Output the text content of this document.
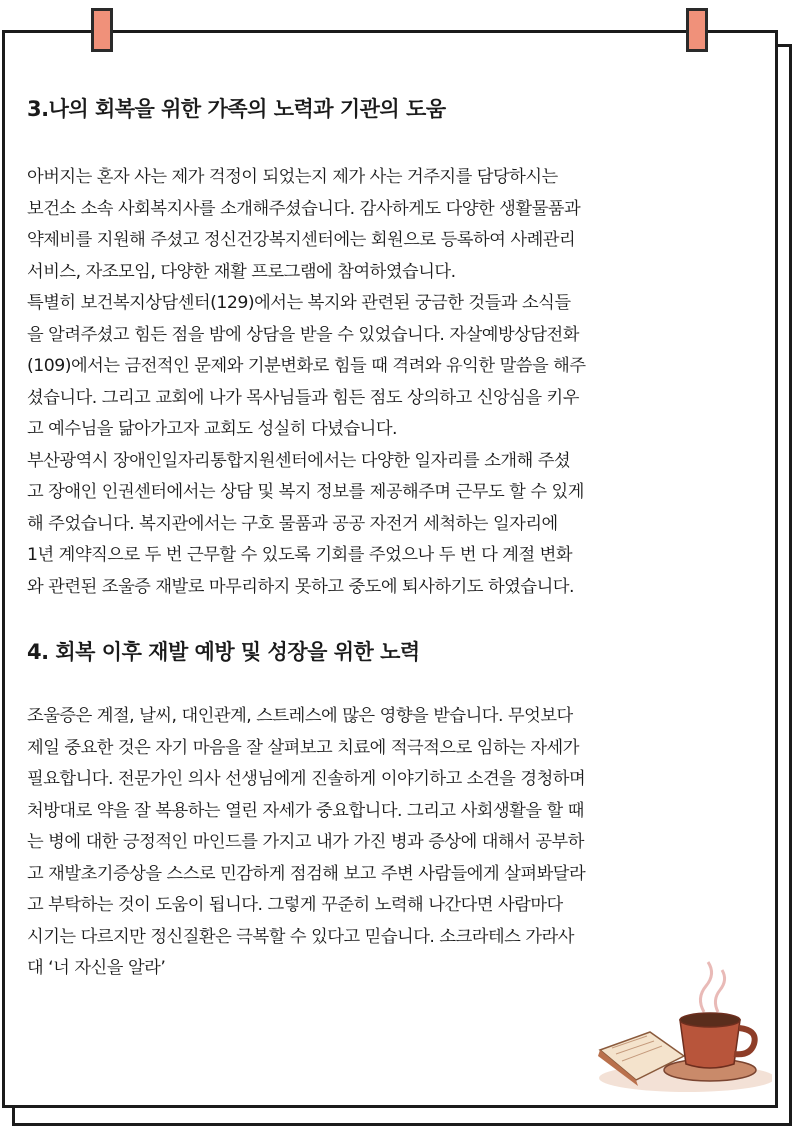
3.나의 회복을 위한 가족의 노력과 기관의 도움

아버지는 혼자 사는 제가 걱정이 되었는지 제가 사는 거주지를 담당하시는
보건소 소속 사회복지사를 소개해주셨습니다. 감사하게도 다양한 생활물품과
약제비를 지원해 주셨고 정신건강복지센터에는 회원으로 등록하여 사례관리
서비스, 자조모임, 다양한 재활 프로그램에 참여하였습니다.
특별히 보건복지상담센터(129)에서는 복지와 관련된 궁금한 것들과 소식들
을 알려주셨고 힘든 점을 밤에 상담을 받을 수 있었습니다. 자살예방상담전화
(109)에서는 금전적인 문제와 기분변화로 힘들 때 격려와 유익한 말씀을 해주
셨습니다. 그리고 교회에 나가 목사님들과 힘든 점도 상의하고 신앙심을 키우
고 예수님을 닮아가고자 교회도 성실히 다녔습니다.
부산광역시 장애인일자리통합지원센터에서는 다양한 일자리를 소개해 주셨
고 장애인 인권센터에서는 상담 및 복지 정보를 제공해주며 근무도 할 수 있게
해 주었습니다. 복지관에서는 구호 물품과 공공 자전거 세척하는 일자리에
1년 계약직으로 두 번 근무할 수 있도록 기회를 주었으나 두 번 다 계절 변화
와 관련된 조울증 재발로 마무리하지 못하고 중도에 퇴사하기도 하였습니다.

4. 회복 이후 재발 예방 및 성장을 위한 노력

조울증은 계절, 날씨, 대인관계, 스트레스에 많은 영향을 받습니다. 무엇보다
제일 중요한 것은 자기 마음을 잘 살펴보고 치료에 적극적으로 임하는 자세가
필요합니다. 전문가인 의사 선생님에게 진솔하게 이야기하고 소견을 경청하며
처방대로 약을 잘 복용하는 열린 자세가 중요합니다. 그리고 사회생활을 할 때
는 병에 대한 긍정적인 마인드를 가지고 내가 가진 병과 증상에 대해서 공부하
고 재발초기증상을 스스로 민감하게 점검해 보고 주변 사람들에게 살펴봐달라
고 부탁하는 것이 도움이 됩니다. 그렇게 꾸준히 노력해 나간다면 사람마다
시기는 다르지만 정신질환은 극복할 수 있다고 믿습니다. 소크라테스 가라사
대 ‘너 자신을 알라’
